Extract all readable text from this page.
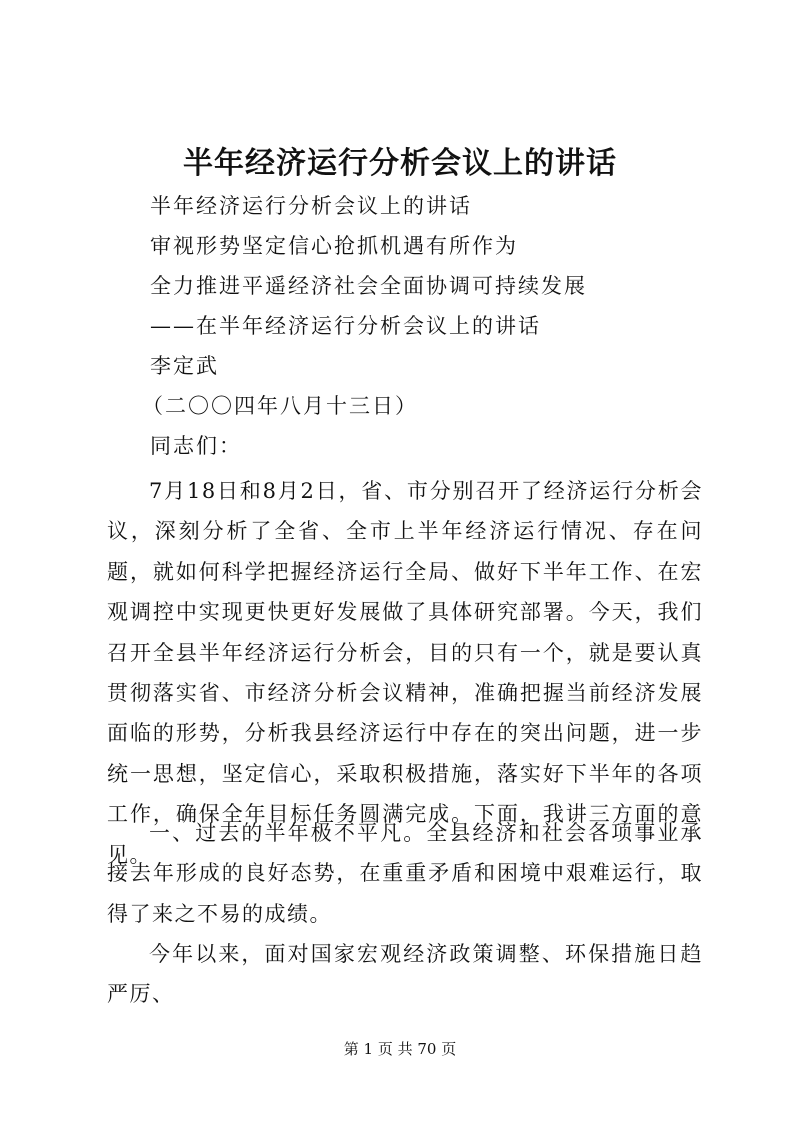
半年经济运行分析会议上的讲话
半年经济运行分析会议上的讲话
审视形势坚定信心抢抓机遇有所作为
全力推进平遥经济社会全面协调可持续发展
——在半年经济运行分析会议上的讲话
李定武
（二〇〇四年八月十三日）
同志们：
7月18日和8月2日，省、市分别召开了经济运行分析会议，深刻分析了全省、全市上半年经济运行情况、存在问题，就如何科学把握经济运行全局、做好下半年工作、在宏观调控中实现更快更好发展做了具体研究部署。今天，我们召开全县半年经济运行分析会，目的只有一个，就是要认真贯彻落实省、市经济分析会议精神，准确把握当前经济发展面临的形势，分析我县经济运行中存在的突出问题，进一步统一思想，坚定信心，采取积极措施，落实好下半年的各项工作，确保全年目标任务圆满完成。下面，我讲三方面的意见。
一、过去的半年极不平凡。全县经济和社会各项事业承接去年形成的良好态势，在重重矛盾和困境中艰难运行，取得了来之不易的成绩。
今年以来，面对国家宏观经济政策调整、环保措施日趋严厉、
第 1 页 共 70 页
